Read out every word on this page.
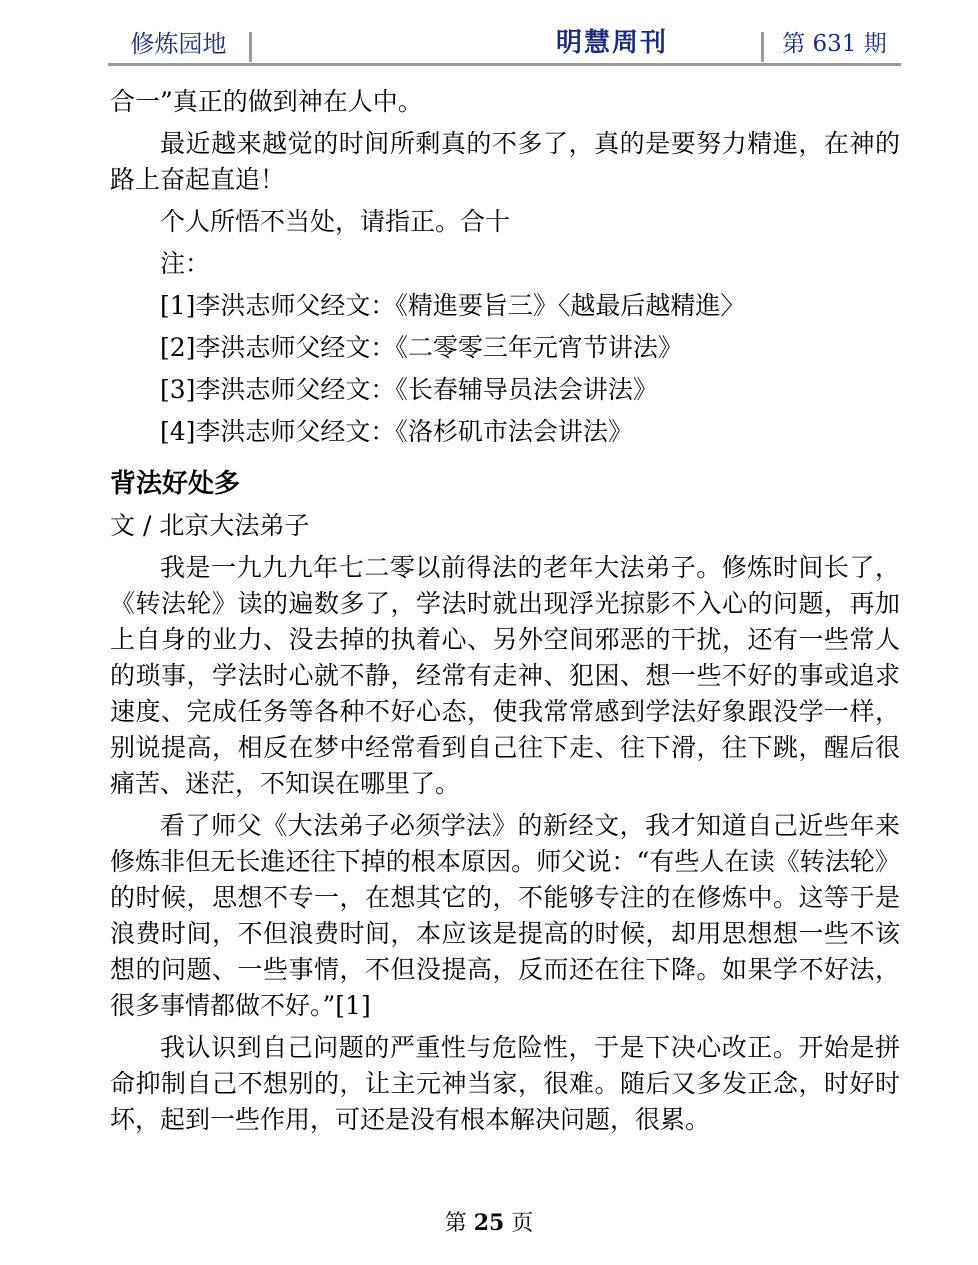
修炼园地	明慧周刊	第 631 期

合一”真正的做到神在人中。

最近越来越觉的时间所剩真的不多了，真的是要努力精進，在神的路上奋起直追！

个人所悟不当处，请指正。合十

注：

[1]李洪志师父经文：《精進要旨三》〈越最后越精進〉

[2]李洪志师父经文：《二零零三年元宵节讲法》

[3]李洪志师父经文：《长春辅导员法会讲法》

[4]李洪志师父经文：《洛杉矶市法会讲法》

背法好处多

文 / 北京大法弟子

我是一九九九年七二零以前得法的老年大法弟子。修炼时间长了，《转法轮》读的遍数多了，学法时就出现浮光掠影不入心的问题，再加上自身的业力、没去掉的执着心、另外空间邪恶的干扰，还有一些常人的琐事，学法时心就不静，经常有走神、犯困、想一些不好的事或追求速度、完成任务等各种不好心态，使我常常感到学法好象跟没学一样，别说提高，相反在梦中经常看到自己往下走、往下滑，往下跳，醒后很痛苦、迷茫，不知误在哪里了。

看了师父《大法弟子必须学法》的新经文，我才知道自己近些年来修炼非但无长進还往下掉的根本原因。师父说：“有些人在读《转法轮》的时候，思想不专一，在想其它的，不能够专注的在修炼中。这等于是浪费时间，不但浪费时间，本应该是提高的时候，却用思想想一些不该想的问题、一些事情，不但没提高，反而还在往下降。如果学不好法，很多事情都做不好。”[1]

我认识到自己问题的严重性与危险性，于是下决心改正。开始是拼命抑制自己不想别的，让主元神当家，很难。随后又多发正念，时好时坏，起到一些作用，可还是没有根本解决问题，很累。

第 25 页
